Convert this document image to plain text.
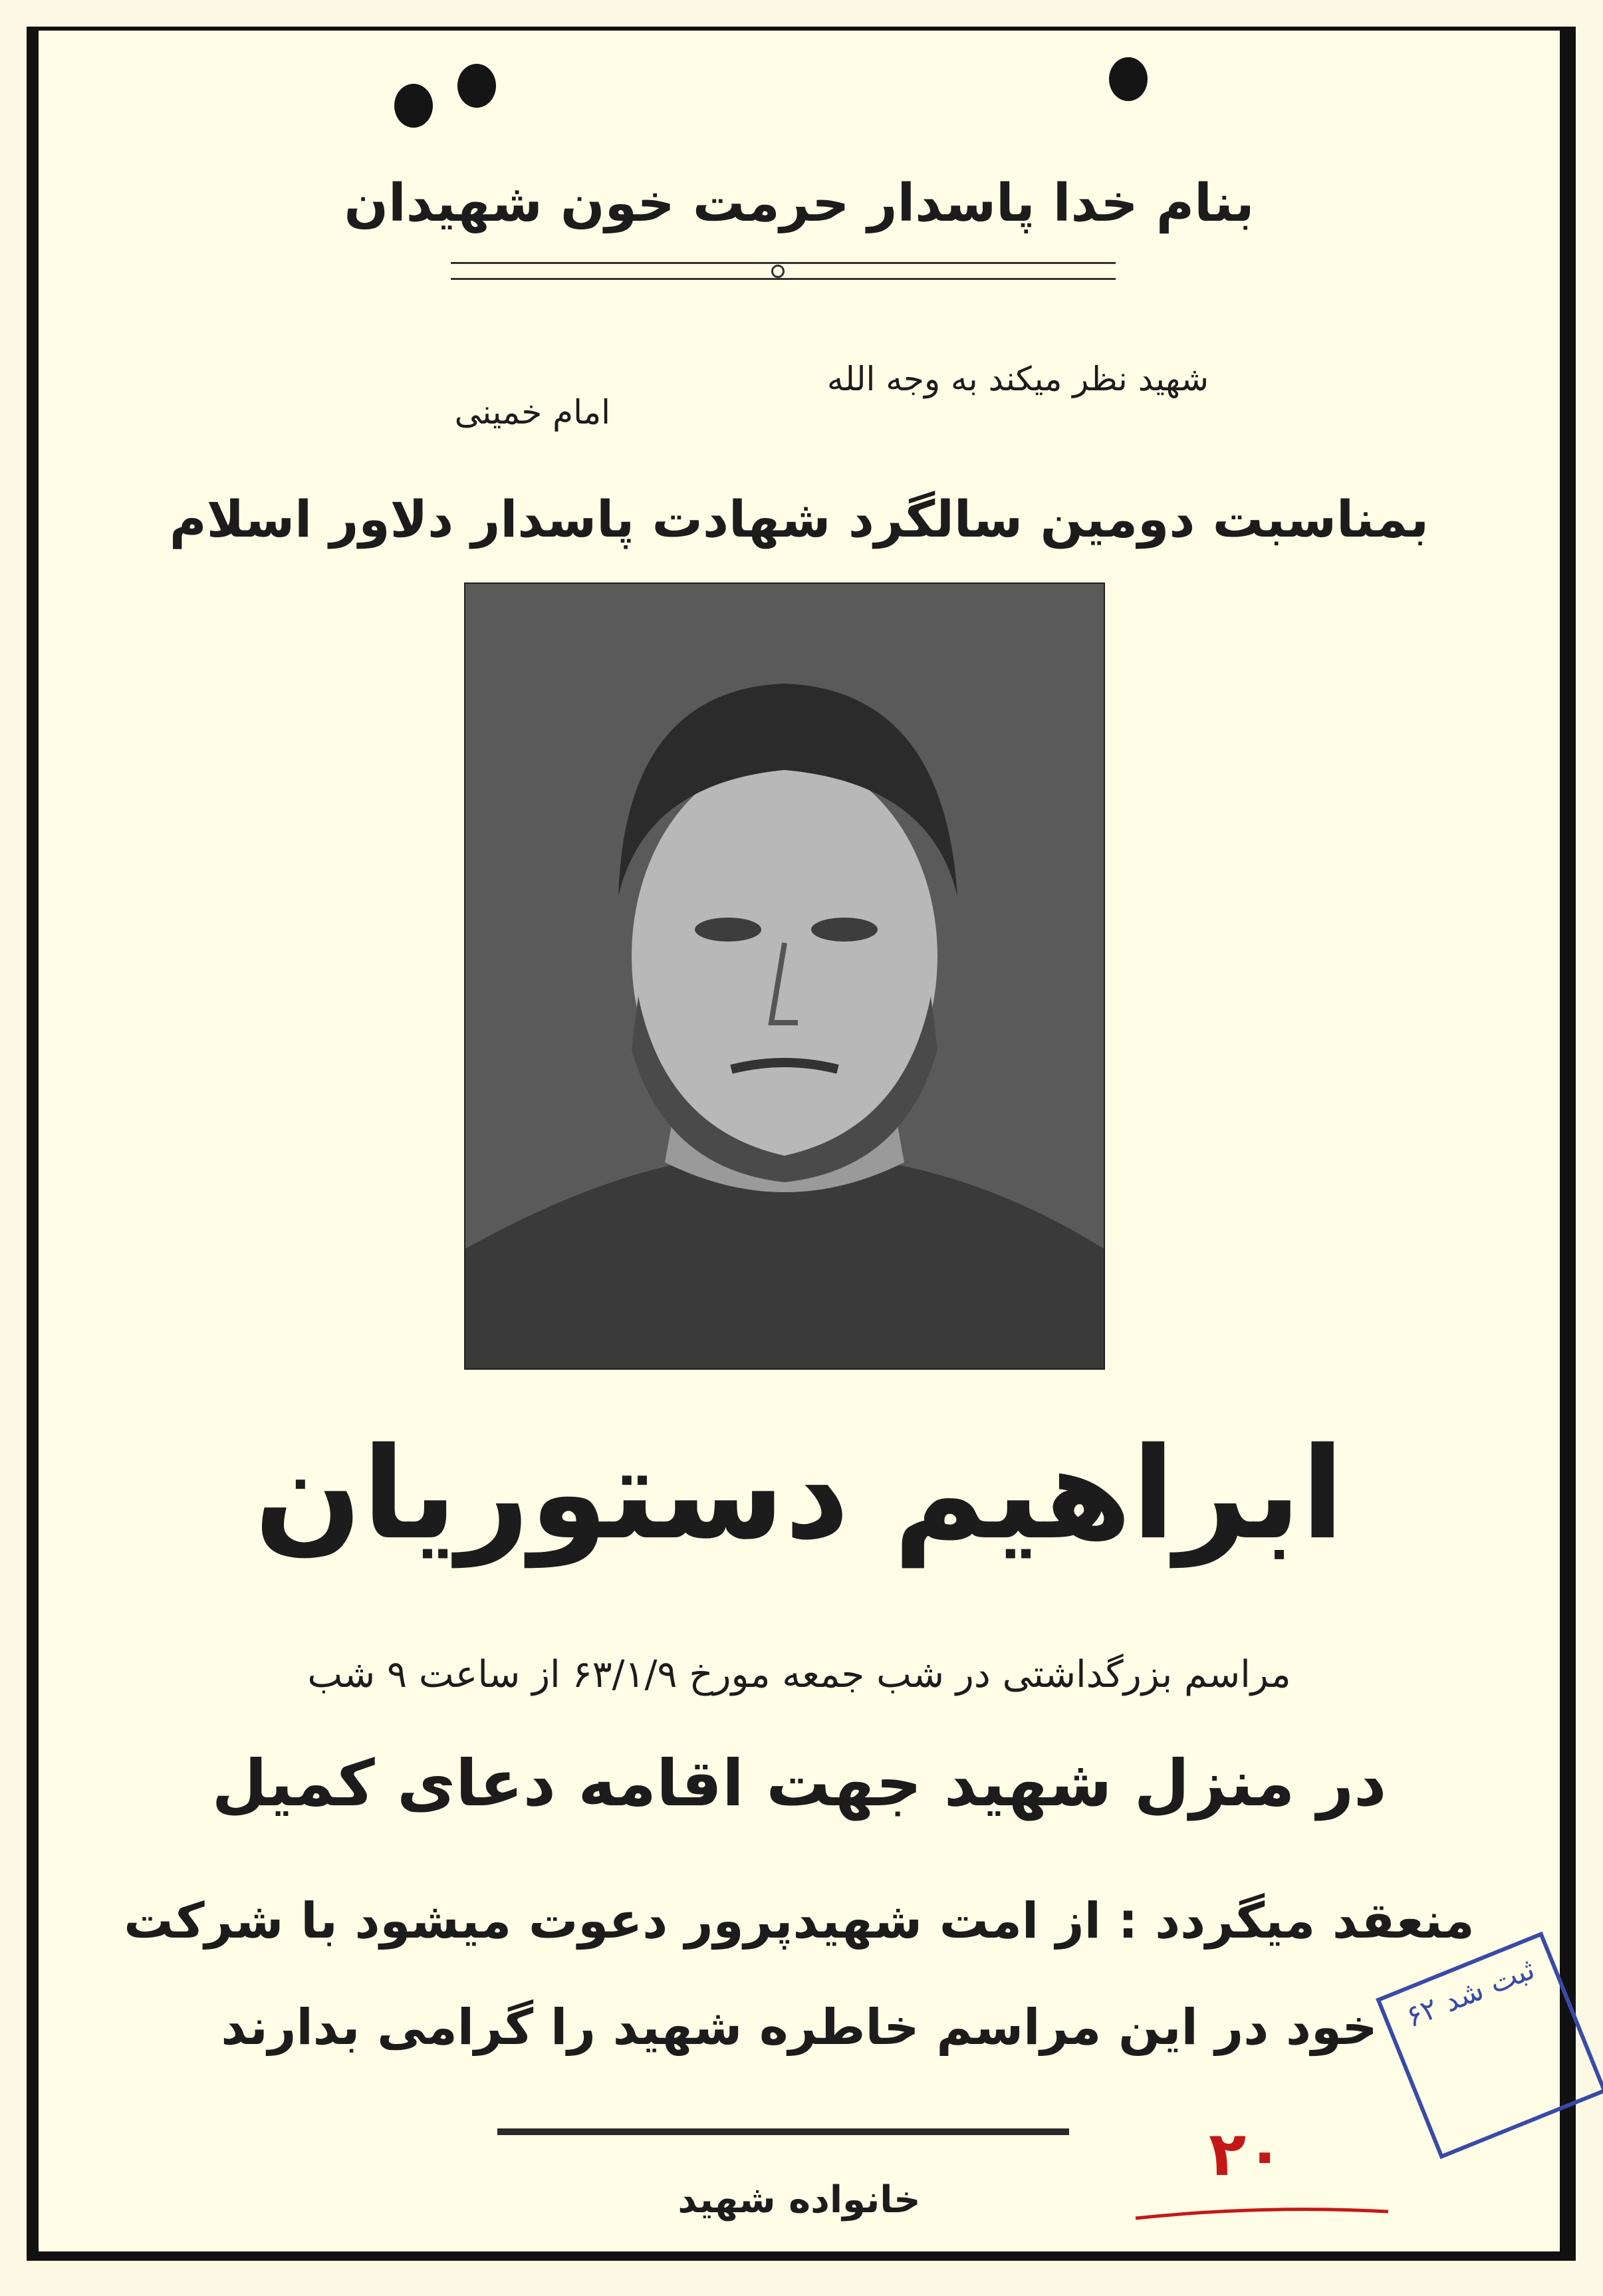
بنام خدا پاسدار حرمت خون شهیدان
شهید نظر میکند به وجه الله
امام خمینی
بمناسبت دومین سالگرد شهادت پاسدار دلاور اسلام
ابراهیم دستوریان
مراسم بزرگداشتی در شب جمعه مورخ ۶۳/۱/۹ از ساعت ۹ شب
در منزل شهید جهت اقامه دعای کمیل
منعقد میگردد : از امت شهیدپرور دعوت میشود با شرکت
خود در این مراسم خاطره شهید را گرامی بدارند
خانواده شهید
۲۰
ثبت شد ۶۲
